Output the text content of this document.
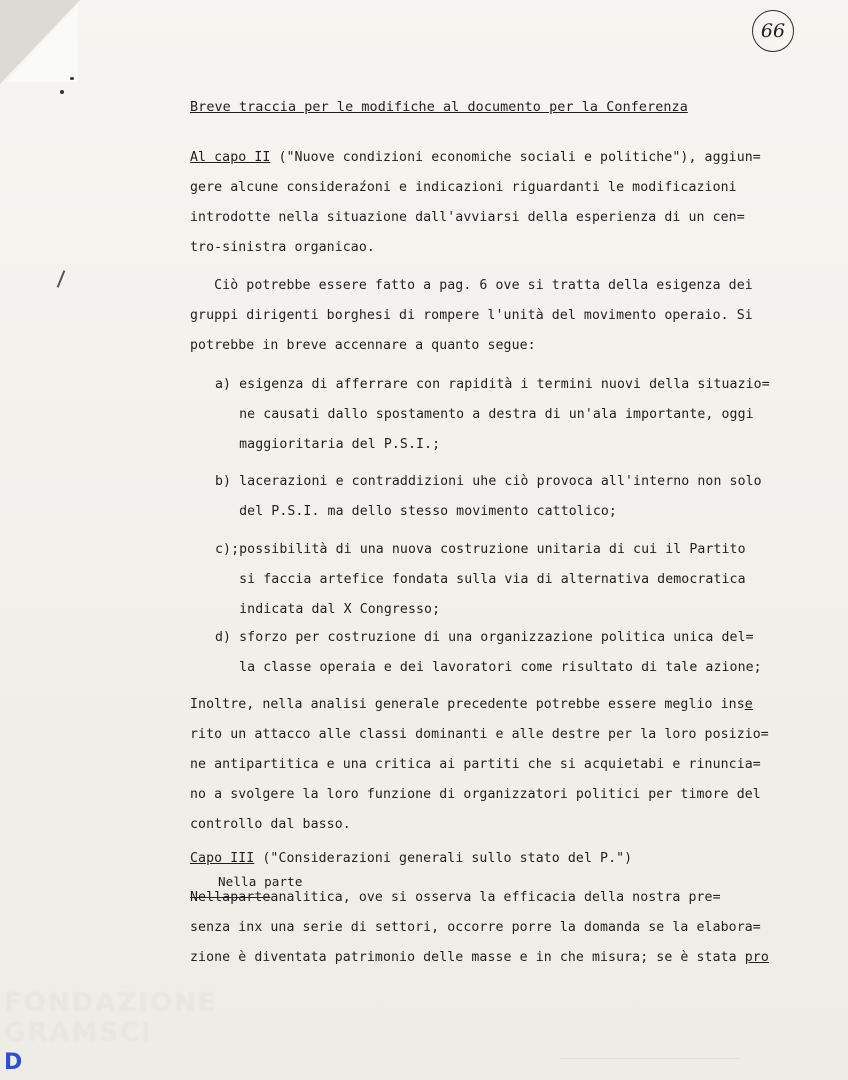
66
Breve traccia per le modifiche al documento per la Conferenza
Al capo II ("Nuove condizioni economiche sociali e politiche"), aggiun=
gere alcune consideraźoni e indicazioni riguardanti le modificazioni
introdotte nella situazione dall'avviarsi della esperienza di un cen=
tro-sinistra organicao.
Ciò potrebbe essere fatto a pag. 6 ove si tratta della esigenza dei
gruppi dirigenti borghesi di rompere l'unità del movimento operaio. Si
potrebbe in breve accennare a quanto segue:
a) esigenza di afferrare con rapidità i termini nuovi della situazio=
ne causati dallo spostamento a destra di un'ala importante, oggi
maggioritaria del P.S.I.;
b) lacerazioni e contraddizioni uhe ciò provoca all'interno non solo
del P.S.I. ma dello stesso movimento cattolico;
c);possibilità di una nuova costruzione unitaria di cui il Partito
si faccia artefice fondata sulla via di alternativa democratica
indicata dal X Congresso;
d) sforzo per costruzione di una organizzazione politica unica del=
la classe operaia e dei lavoratori come risultato di tale azione;
Inoltre, nella analisi generale precedente potrebbe essere meglio inse
rito un attacco alle classi dominanti e alle destre per la loro posizio=
ne antipartitica e una critica ai partiti che si acquietabi e rinuncia=
no a svolgere la loro funzione di organizzatori politici per timore del
controllo dal basso.
Capo III ("Considerazioni generali sullo stato del P.")
Nella parte
Nellaparteanalitica, ove si osserva la efficacia della nostra pre=
senza inx una serie di settori, occorre porre la domanda se la elabora=
zione è diventata patrimonio delle masse e in che misura; se è stata pro
FONDAZIONE
GRAMSCI
D
